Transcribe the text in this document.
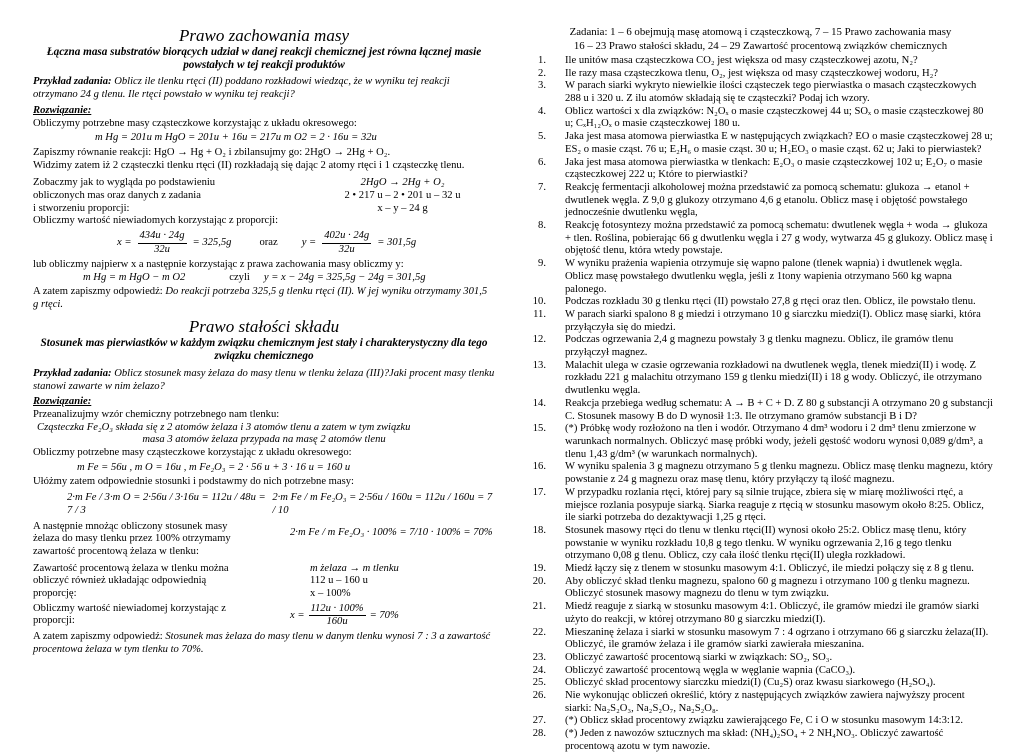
Prawo zachowania masy

Łączna masa substratów biorących udział w danej reakcji chemicznej jest równa łącznej masie powstałych w tej reakcji produktów

Przykład zadania: Oblicz ile tlenku rtęci (II) poddano rozkładowi wiedząc, że w wyniku tej reakcji otrzymano 24 g tlenu. Ile rtęci powstało w wyniku tej reakcji?

Rozwiązanie:

Obliczymy potrzebne masy cząsteczkowe korzystając z układu okresowego:

m Hg = 201u m HgO = 201u + 16u = 217u m O2 = 2 · 16u = 32u

Zapiszmy równanie reakcji: HgO → Hg + O₂ i zbilansujmy go: 2HgO → 2Hg + O₂.

Widzimy zatem iż 2 cząsteczki tlenku rtęci (II) rozkładają się dając 2 atomy rtęci i 1 cząsteczkę tlenu.

Zobaczmy jak to wygląda po podstawieniu

obliczonych mas oraz danych z zadania

i stworzeniu proporcji:

2HgO → 2Hg + O₂

2 • 217 u – 2 • 201 u – 32 u

x – y – 24 g

Obliczmy wartość niewiadomych korzystając z proporcji:

$x = \frac{434u \cdot 24g}{32u} = 325,5g$	oraz $y = \frac{402u \cdot 24g}{32u} = 301,5g$

lub obliczmy najpierw x a następnie korzystając z prawa zachowania masy obliczmy y:

m Hg = m HgO − m O2	czyli y = x − 24g = 325,5g − 24g = 301,5g

A zatem zapiszmy odpowiedź: Do reakcji potrzeba 325,5 g tlenku rtęci (II). W jej wyniku otrzymamy 301,5 g rtęci.

Prawo stałości składu

Stosunek mas pierwiastków w każdym związku chemicznym jest stały i charakterystyczny dla tego związku chemicznego

Przykład zadania: Oblicz stosunek masy żelaza do masy tlenu w tlenku żelaza (III)?Jaki procent masy tlenku stanowi zawarte w nim żelazo?

Rozwiązanie:

Przeanalizujmy wzór chemiczny potrzebnego nam tlenku:

Cząsteczka Fe₂O₃ składa się z 2 atomów żelaza i 3 atomów tlenu a zatem w tym związku

masa 3 atomów żelaza przypada na masę 2 atomów tlenu

Obliczmy potrzebne masy cząsteczkowe korzystając z układu okresowego:

m Fe = 56u , m O = 16u , m Fe₂O₃ = 2 · 56 u + 3 · 16 u = 160 u

Ułóżmy zatem odpowiednie stosunki i podstawmy do nich potrzebne masy:

2·m Fe / 3·m O = 2·56u / 3·16u = 112u / 48u = 7 / 3
2·m Fe / m Fe₂O₃ = 2·56u / 160u = 112u / 160u = 7 / 10

A następnie mnożąc obliczony stosunek masy

żelaza do masy tlenku przez 100% otrzymamy

zawartość procentową żelaza w tlenku:

2·m Fe / m Fe₂O₃ · 100% = 7/10 · 100% = 70%

Zawartość procentową żelaza w tlenku można

obliczyć również układając odpowiednią

proporcję:

m żelaza → m tlenku

112 u – 160 u

x – 100%

Obliczmy wartość niewiadomej korzystając z

proporcji:

$x = \frac{112u \cdot 100\%}{160u} = 70\%$

A zatem zapiszmy odpowiedź: Stosunek mas żelaza do masy tlenu w danym tlenku wynosi 7 : 3 a zawartość procentowa żelaza w tym tlenku to 70%.

Zadania: 1 – 6 obejmują masę atomową i cząsteczkową, 7 – 15 Prawo zachowania masy

16 – 23 Prawo stałości składu, 24 – 29 Zawartość procentową związków chemicznych

1. Ile unitów masa cząsteczkowa CO₂ jest większa od masy cząsteczkowej azotu, N₂?
2. Ile razy masa cząsteczkowa tlenu, O₂, jest większa od masy cząsteczkowej wodoru, H₂?
3. W parach siarki wykryto niewielkie ilości cząsteczek tego pierwiastka o masach cząsteczkowych 288 u i 320 u. Z ilu atomów składają się te cząsteczki? Podaj ich wzory.
4. Oblicz wartości x dla związków: N₂Oₓ o masie cząsteczkowej 44 u; SOₓ o masie cząsteczkowej 80 u; CₓH₁₂Oₓ o masie cząsteczkowej 180 u.
5. Jaka jest masa atomowa pierwiastka E w następujących związkach? EO o masie cząsteczkowej 28 u; ES₂ o masie cząst. 76 u; E₂H₆ o masie cząst. 30 u; H₂EO₃ o masie cząst. 62 u; Jaki to pierwiastek?
6. Jaka jest masa atomowa pierwiastka w tlenkach: E₂O₃ o masie cząsteczkowej 102 u; E₂O₇ o masie cząsteczkowej 222 u; Które to pierwiastki?
7. Reakcję fermentacji alkoholowej można przedstawić za pomocą schematu: glukoza → etanol + dwutlenek węgla. Z 9,0 g glukozy otrzymano 4,6 g etanolu. Oblicz masę i objętość powstałego jednocześnie dwutlenku węgla,
8. Reakcję fotosyntezy można przedstawić za pomocą schematu: dwutlenek węgla + woda → glukoza + tlen. Roślina, pobierając 66 g dwutlenku węgla i 27 g wody, wytwarza 45 g glukozy. Oblicz masę i objętość tlenu, która wtedy powstaje.
9. W wyniku prażenia wapienia otrzymuje się wapno palone (tlenek wapnia) i dwutlenek węgla. Oblicz masę powstałego dwutlenku węgla, jeśli z 1tony wapienia otrzymano 560 kg wapna palonego.
10. Podczas rozkładu 30 g tlenku rtęci (II) powstało 27,8 g rtęci oraz tlen. Oblicz, ile powstało tlenu.
11. W parach siarki spalono 8 g miedzi i otrzymano 10 g siarczku miedzi(I). Oblicz masę siarki, która przyłączyła się do miedzi.
12. Podczas ogrzewania 2,4 g magnezu powstały 3 g tlenku magnezu. Oblicz, ile gramów tlenu przyłączył magnez.
13. Malachit ulega w czasie ogrzewania rozkładowi na dwutlenek węgla, tlenek miedzi(II) i wodę. Z rozkładu 221 g malachitu otrzymano 159 g tlenku miedzi(II) i 18 g wody. Obliczyć, ile otrzymano dwutlenku węgla.
14. Reakcja przebiega według schematu: A → B + C + D. Z 80 g substancji A otrzymano 20 g substancji C. Stosunek masowy B do D wynosił 1:3. Ile otrzymano gramów substancji B i D?
15. (*) Próbkę wody rozłożono na tlen i wodór. Otrzymano 4 dm³ wodoru i 2 dm³ tlenu zmierzone w warunkach normalnych. Obliczyć masę próbki wody, jeżeli gęstość wodoru wynosi 0,089 g/dm³, a tlenu 1,43 g/dm³ (w warunkach normalnych).
16. W wyniku spalenia 3 g magnezu otrzymano 5 g tlenku magnezu. Oblicz masę tlenku magnezu, który powstanie z 24 g magnezu oraz masę tlenu, który przyłączy tą ilość magnezu.
17. W przypadku rozlania rtęci, której pary są silnie trujące, zbiera się w miarę możliwości rtęć, a miejsce rozlania posypuje siarką. Siarka reaguje z rtęcią w stosunku masowym około 8:25. Oblicz, ile siarki potrzeba do dezaktywacji 1,25 g rtęci.
18. Stosunek masowy rtęci do tlenu w tlenku rtęci(II) wynosi około 25:2. Oblicz masę tlenu, który powstanie w wyniku rozkładu 10,8 g tego tlenku. W wyniku ogrzewania 2,16 g tego tlenku otrzymano 0,08 g tlenu. Oblicz, czy cała ilość tlenku rtęci(II) uległa rozkładowi.
19. Miedź łączy się z tlenem w stosunku masowym 4:1. Obliczyć, ile miedzi połączy się z 8 g tlenu.
20. Aby obliczyć skład tlenku magnezu, spalono 60 g magnezu i otrzymano 100 g tlenku magnezu. Obliczyć stosunek masowy magnezu do tlenu w tym związku.
21. Miedź reaguje z siarką w stosunku masowym 4:1. Obliczyć, ile gramów miedzi ile gramów siarki użyto do reakcji, w której otrzymano 80 g siarczku miedzi(I).
22. Mieszaninę żelaza i siarki w stosunku masowym 7 : 4 ogrzano i otrzymano 66 g siarczku żelaza(II). Obliczyć, ile gramów żelaza i ile gramów siarki zawierała mieszanina.
23. Obliczyć zawartość procentową siarki w związkach: SO₂, SO₃.
24. Obliczyć zawartość procentową węgla w węglanie wapnia (CaCO₃).
25. Obliczyć skład procentowy siarczku miedzi(I) (Cu₂S) oraz kwasu siarkowego (H₂SO₄).
26. Nie wykonując obliczeń określić, który z następujących związków zawiera najwyższy procent siarki: Na₂S₂O₃, Na₂S₂O₇, Na₂S₂O₈.
27. (*) Oblicz skład procentowy związku zawierającego Fe, C i O w stosunku masowym 14:3:12.
28. (*) Jeden z nawozów sztucznych ma skład: (NH₄)₂SO₄ + 2 NH₄NO₃. Obliczyć zawartość procentową azotu w tym nawozie.
